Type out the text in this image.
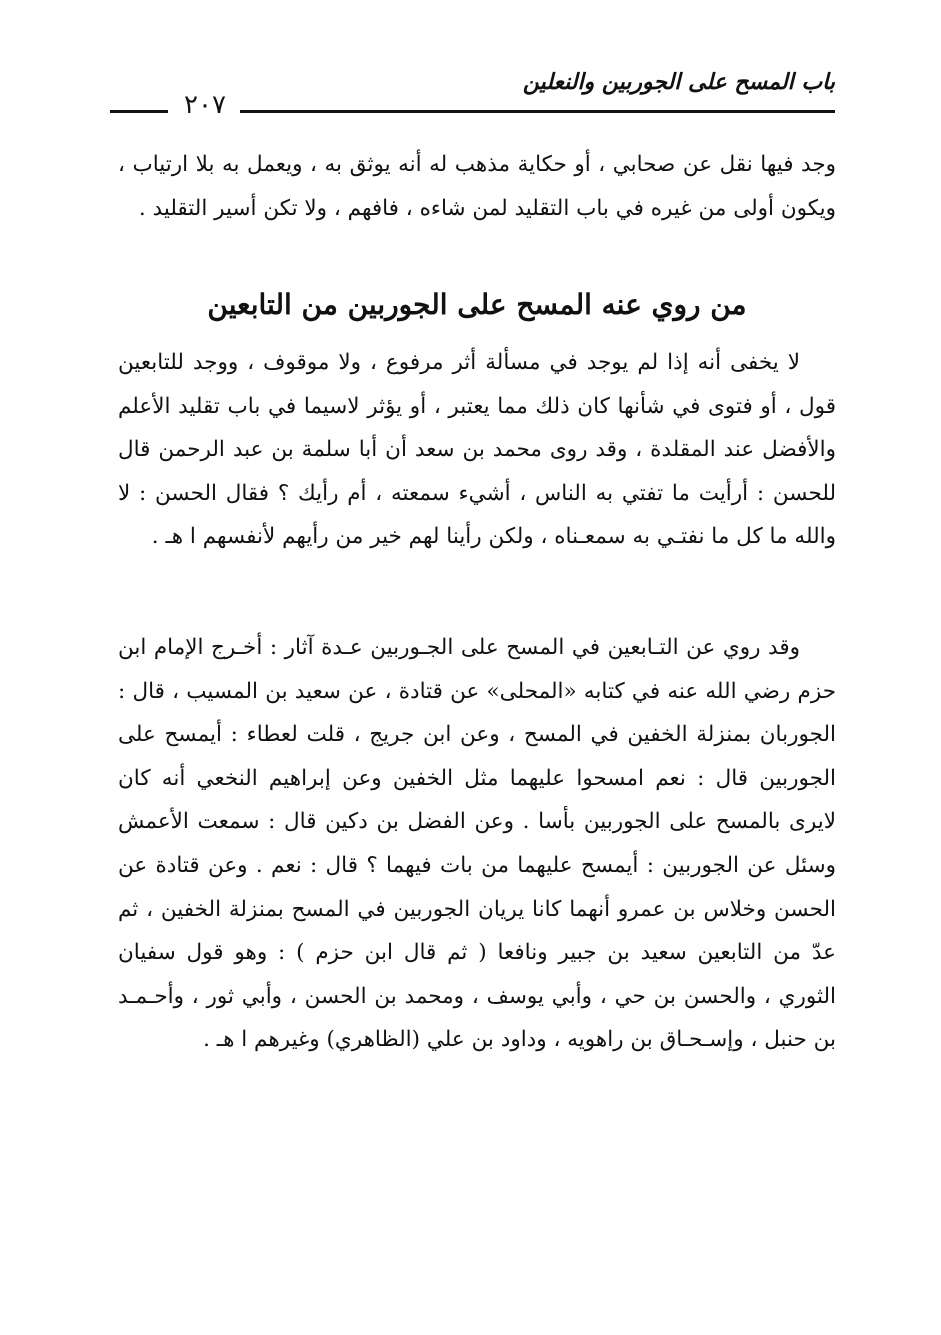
باب المسح على الجوربين والنعلين
٢٠٧

وجد فيها نقل عن صحابي ، أو حكاية مذهب له أنه يوثق به ، ويعمل به بلا ارتياب ، ويكون أولى من غيره في باب التقليد لمن شاءه ، فافهم ، ولا تكن أسير التقليد .

من روي عنه المسح على الجوربين من التابعين

لا يخفى أنه إذا لم يوجد في مسألة أثر مرفوع ، ولا موقوف ، ووجد للتابعين قول ، أو فتوى في شأنها كان ذلك مما يعتبر ، أو يؤثر لاسيما في باب تقليد الأعلم والأفضل عند المقلدة ، وقد روى محمد بن سعد أن أبا سلمة بن عبد الرحمن قال للحسن : أرأيت ما تفتي به الناس ، أشيء سمعته ، أم رأيك ؟ فقال الحسن : لا والله ما كل ما نفتـي به سمعـناه ، ولكن رأينا لهم خير من رأيهم لأنفسهم ا هـ .

وقد روي عن التـابعين في المسح على الجـوربين عـدة آثار : أخـرج الإمام ابن حزم رضي الله عنه في كتابه «المحلى» عن قتادة ، عن سعيد بن المسيب ، قال : الجوربان بمنزلة الخفين في المسح ، وعن ابن جريج ، قلت لعطاء : أيمسح على الجوربين قال : نعم امسحوا عليهما مثل الخفين وعن إبراهيم النخعي أنه كان لايرى بالمسح على الجوربين بأسا . وعن الفضل بن دكين قال : سمعت الأعمش وسئل عن الجوربين : أيمسح عليهما من بات فيهما ؟ قال : نعم . وعن قتادة عن الحسن وخلاس بن عمرو أنهما كانا يريان الجوربين في المسح بمنزلة الخفين ، ثم عدّ من التابعين سعيد بن جبير ونافعا ( ثم قال ابن حزم ) : وهو قول سفيان الثوري ، والحسن بن حي ، وأبي يوسف ، ومحمد بن الحسن ، وأبي ثور ، وأحـمـد بن حنبل ، وإسـحـاق بن راهويه ، وداود بن علي (الظاهري) وغيرهم ا هـ .
